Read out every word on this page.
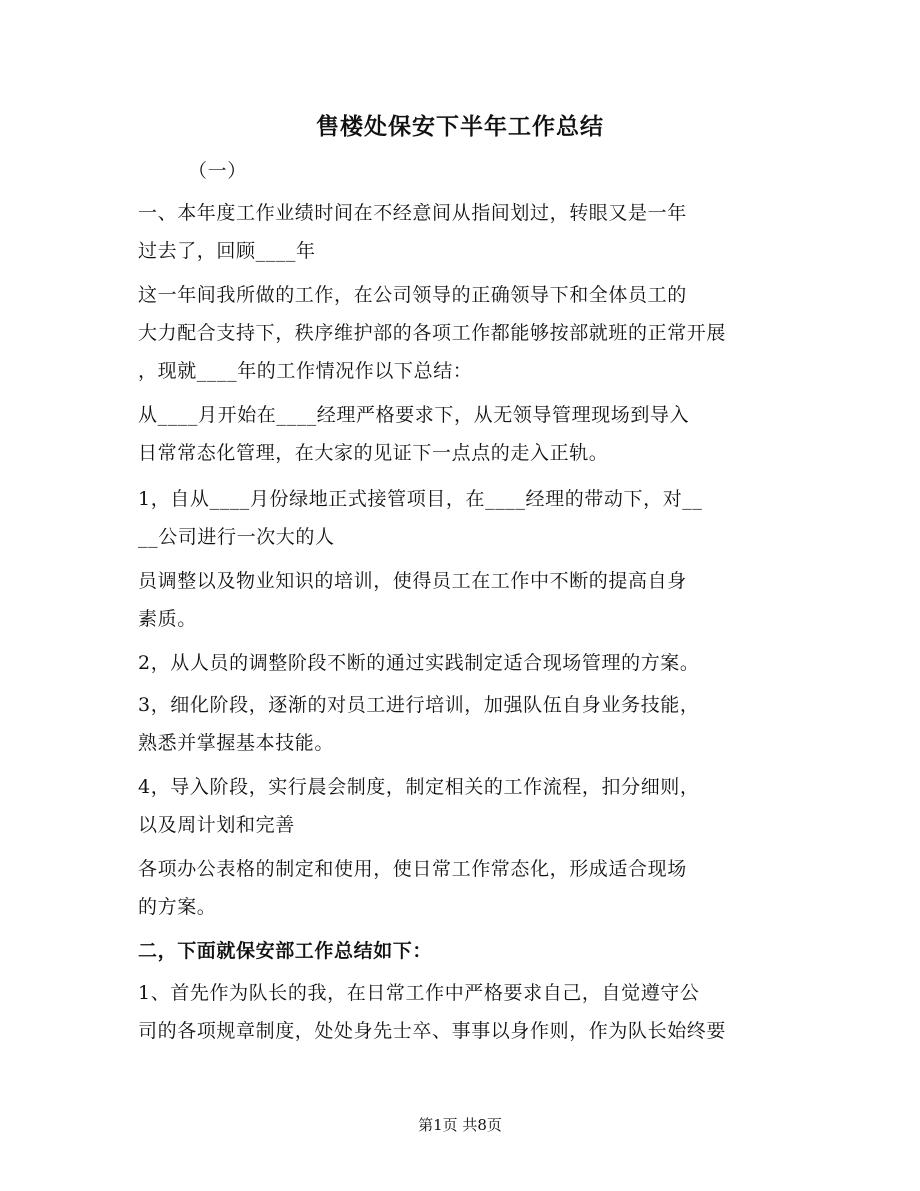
售楼处保安下半年工作总结

（一）

一、本年度工作业绩时间在不经意间从指间划过，转眼又是一年
过去了，回顾____年

这一年间我所做的工作，在公司领导的正确领导下和全体员工的
大力配合支持下，秩序维护部的各项工作都能够按部就班的正常开展
，现就____年的工作情况作以下总结：

从____月开始在____经理严格要求下，从无领导管理现场到导入
日常常态化管理，在大家的见证下一点点的走入正轨。

1，自从____月份绿地正式接管项目，在____经理的带动下，对__
__公司进行一次大的人

员调整以及物业知识的培训，使得员工在工作中不断的提高自身
素质。

2，从人员的调整阶段不断的通过实践制定适合现场管理的方案。

3，细化阶段，逐渐的对员工进行培训，加强队伍自身业务技能，
熟悉并掌握基本技能。

4，导入阶段，实行晨会制度，制定相关的工作流程，扣分细则，
以及周计划和完善

各项办公表格的制定和使用，使日常工作常态化，形成适合现场
的方案。

二，下面就保安部工作总结如下：

1、首先作为队长的我，在日常工作中严格要求自己，自觉遵守公
司的各项规章制度，处处身先士卒、事事以身作则，作为队长始终要

第1页 共8页
